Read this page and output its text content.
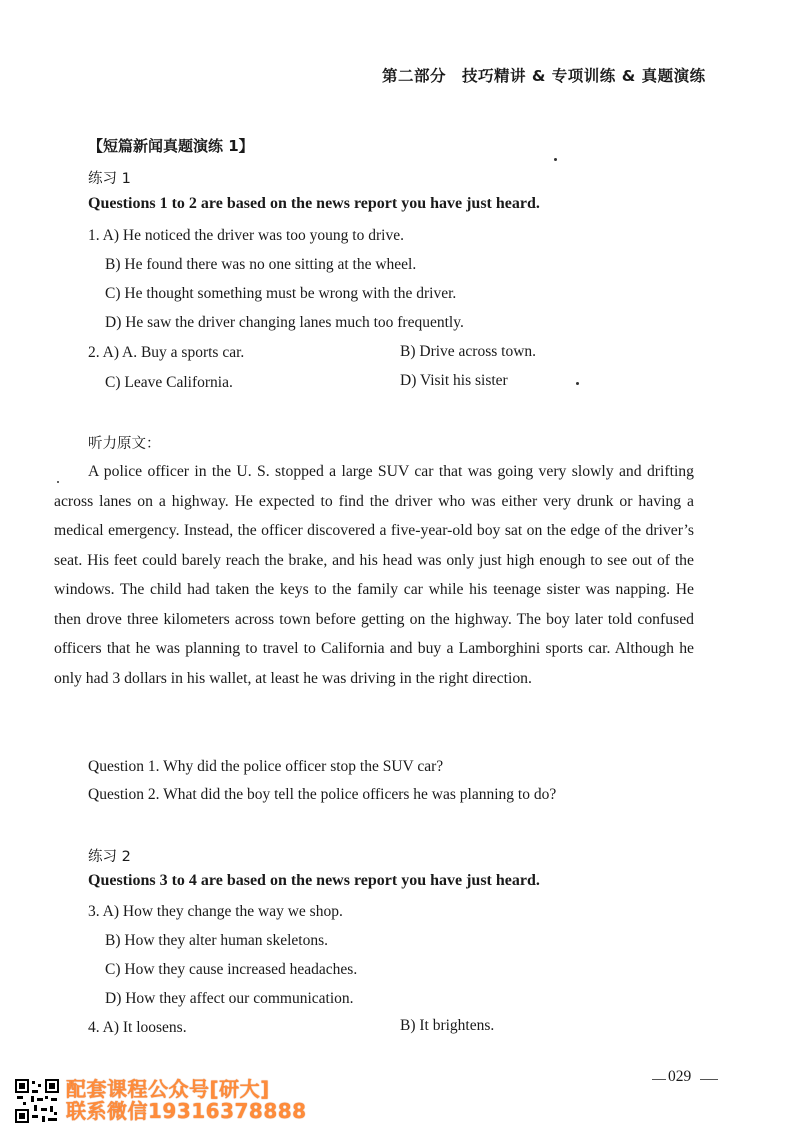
第二部分　技巧精讲 & 专项训练 & 真题演练
【短篇新闻真题演练 1】
练习 1
Questions 1 to 2 are based on the news report you have just heard.
1. A) He noticed the driver was too young to drive.
B) He found there was no one sitting at the wheel.
C) He thought something must be wrong with the driver.
D) He saw the driver changing lanes much too frequently.
2. A) A. Buy a sports car.	B) Drive across town.
C) Leave California.	D) Visit his sister
听力原文：

A police officer in the U. S. stopped a large SUV car that was going very slowly and drifting across lanes on a highway. He expected to find the driver who was either very drunk or having a medical emergency. Instead, the officer discovered a five-year-old boy sat on the edge of the driver’s seat. His feet could barely reach the brake, and his head was only just high enough to see out of the windows. The child had taken the keys to the family car while his teenage sister was napping. He then drove three kilometers across town before getting on the highway. The boy later told confused officers that he was planning to travel to California and buy a Lamborghini sports car. Although he only had 3 dollars in his wallet, at least he was driving in the right direction.

Question 1. Why did the police officer stop the SUV car?
Question 2. What did the boy tell the police officers he was planning to do?
练习 2
Questions 3 to 4 are based on the news report you have just heard.
3. A) How they change the way we shop.
B) How they alter human skeletons.
C) How they cause increased headaches.
D) How they affect our communication.
4. A) It loosens.	B) It brightens.
029
配套课程公众号[研大]
联系微信19316378888
